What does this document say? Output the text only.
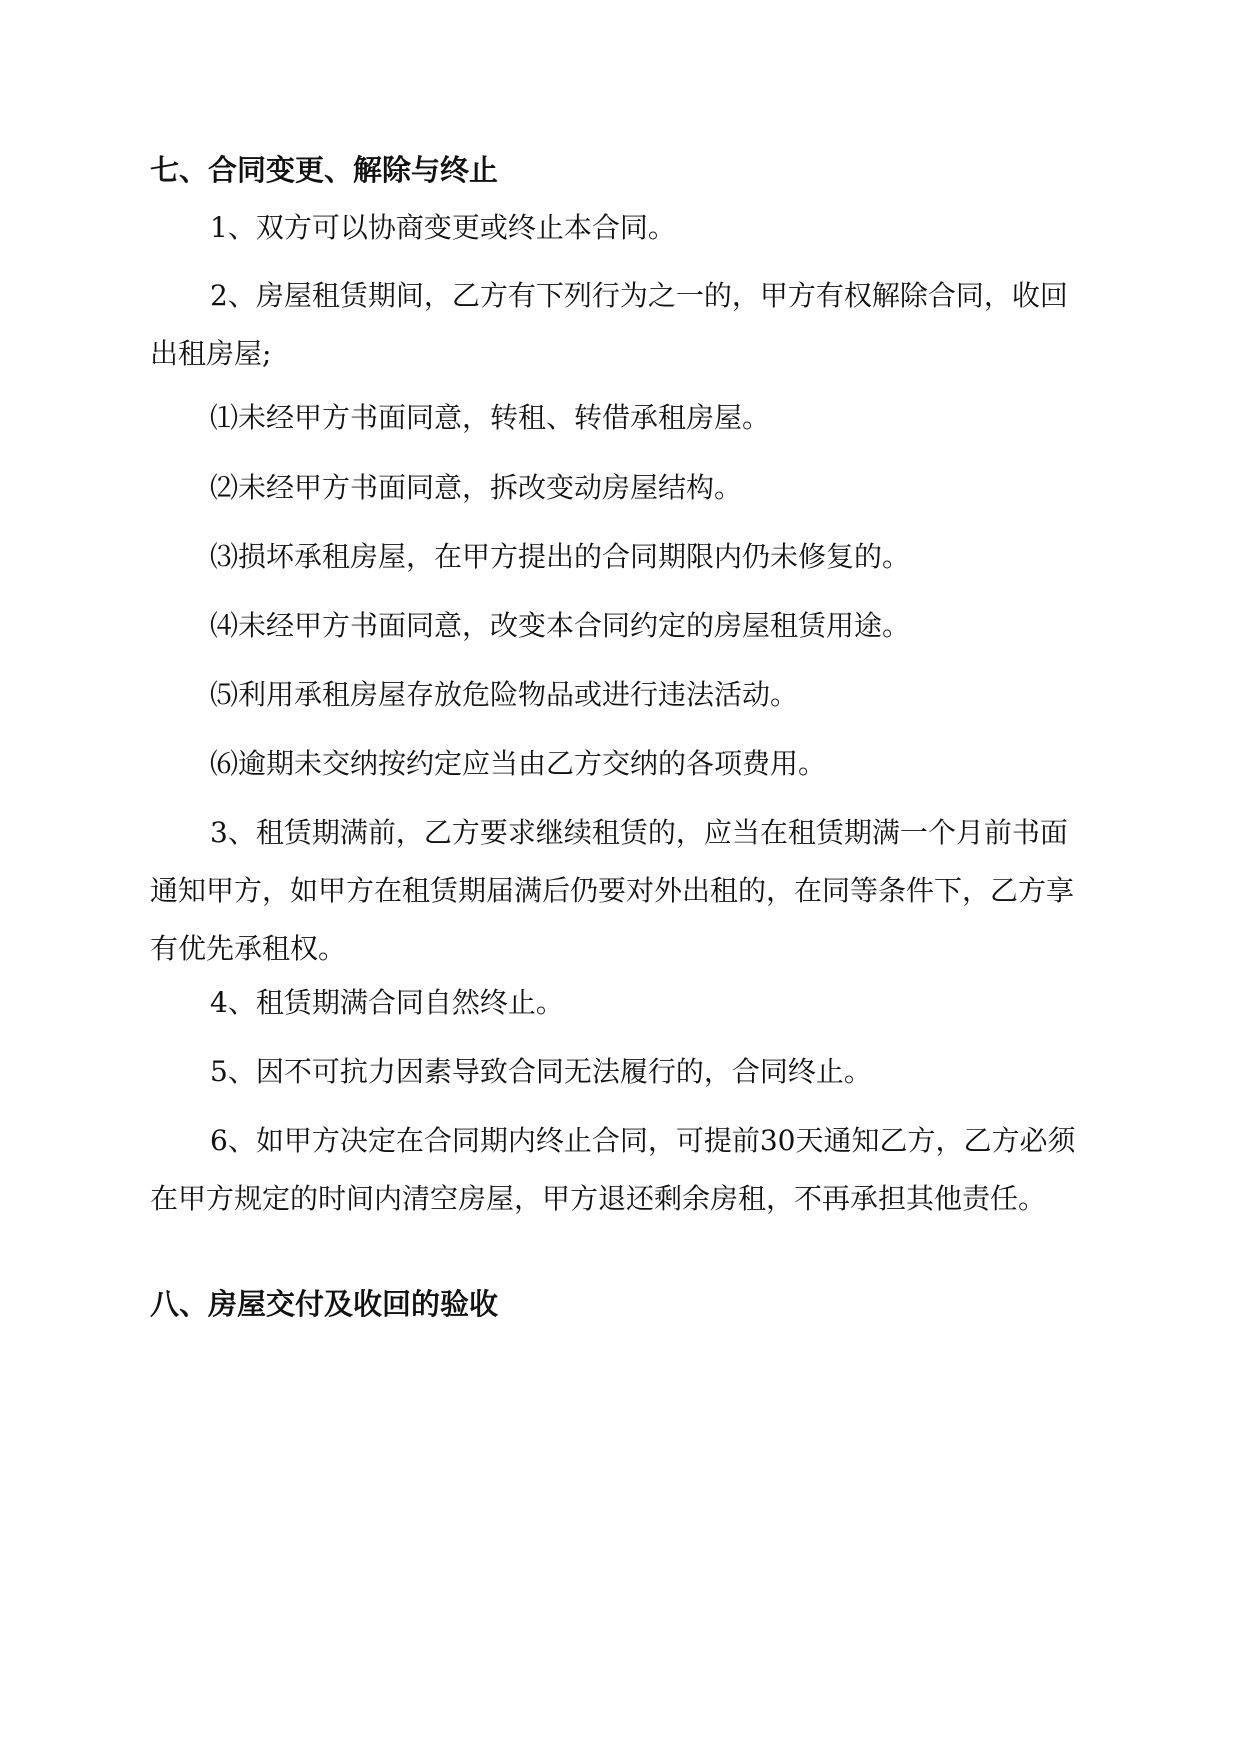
七、合同变更、解除与终止

1、双方可以协商变更或终止本合同。

2、房屋租赁期间，乙方有下列行为之一的，甲方有权解除合同，收回出租房屋;

⑴未经甲方书面同意，转租、转借承租房屋。

⑵未经甲方书面同意，拆改变动房屋结构。

⑶损坏承租房屋，在甲方提出的合同期限内仍未修复的。

⑷未经甲方书面同意，改变本合同约定的房屋租赁用途。

⑸利用承租房屋存放危险物品或进行违法活动。

⑹逾期未交纳按约定应当由乙方交纳的各项费用。

3、租赁期满前，乙方要求继续租赁的，应当在租赁期满一个月前书面通知甲方，如甲方在租赁期届满后仍要对外出租的，在同等条件下，乙方享有优先承租权。

4、租赁期满合同自然终止。

5、因不可抗力因素导致合同无法履行的，合同终止。

6、如甲方决定在合同期内终止合同，可提前30天通知乙方，乙方必须在甲方规定的时间内清空房屋，甲方退还剩余房租，不再承担其他责任。

八、房屋交付及收回的验收
